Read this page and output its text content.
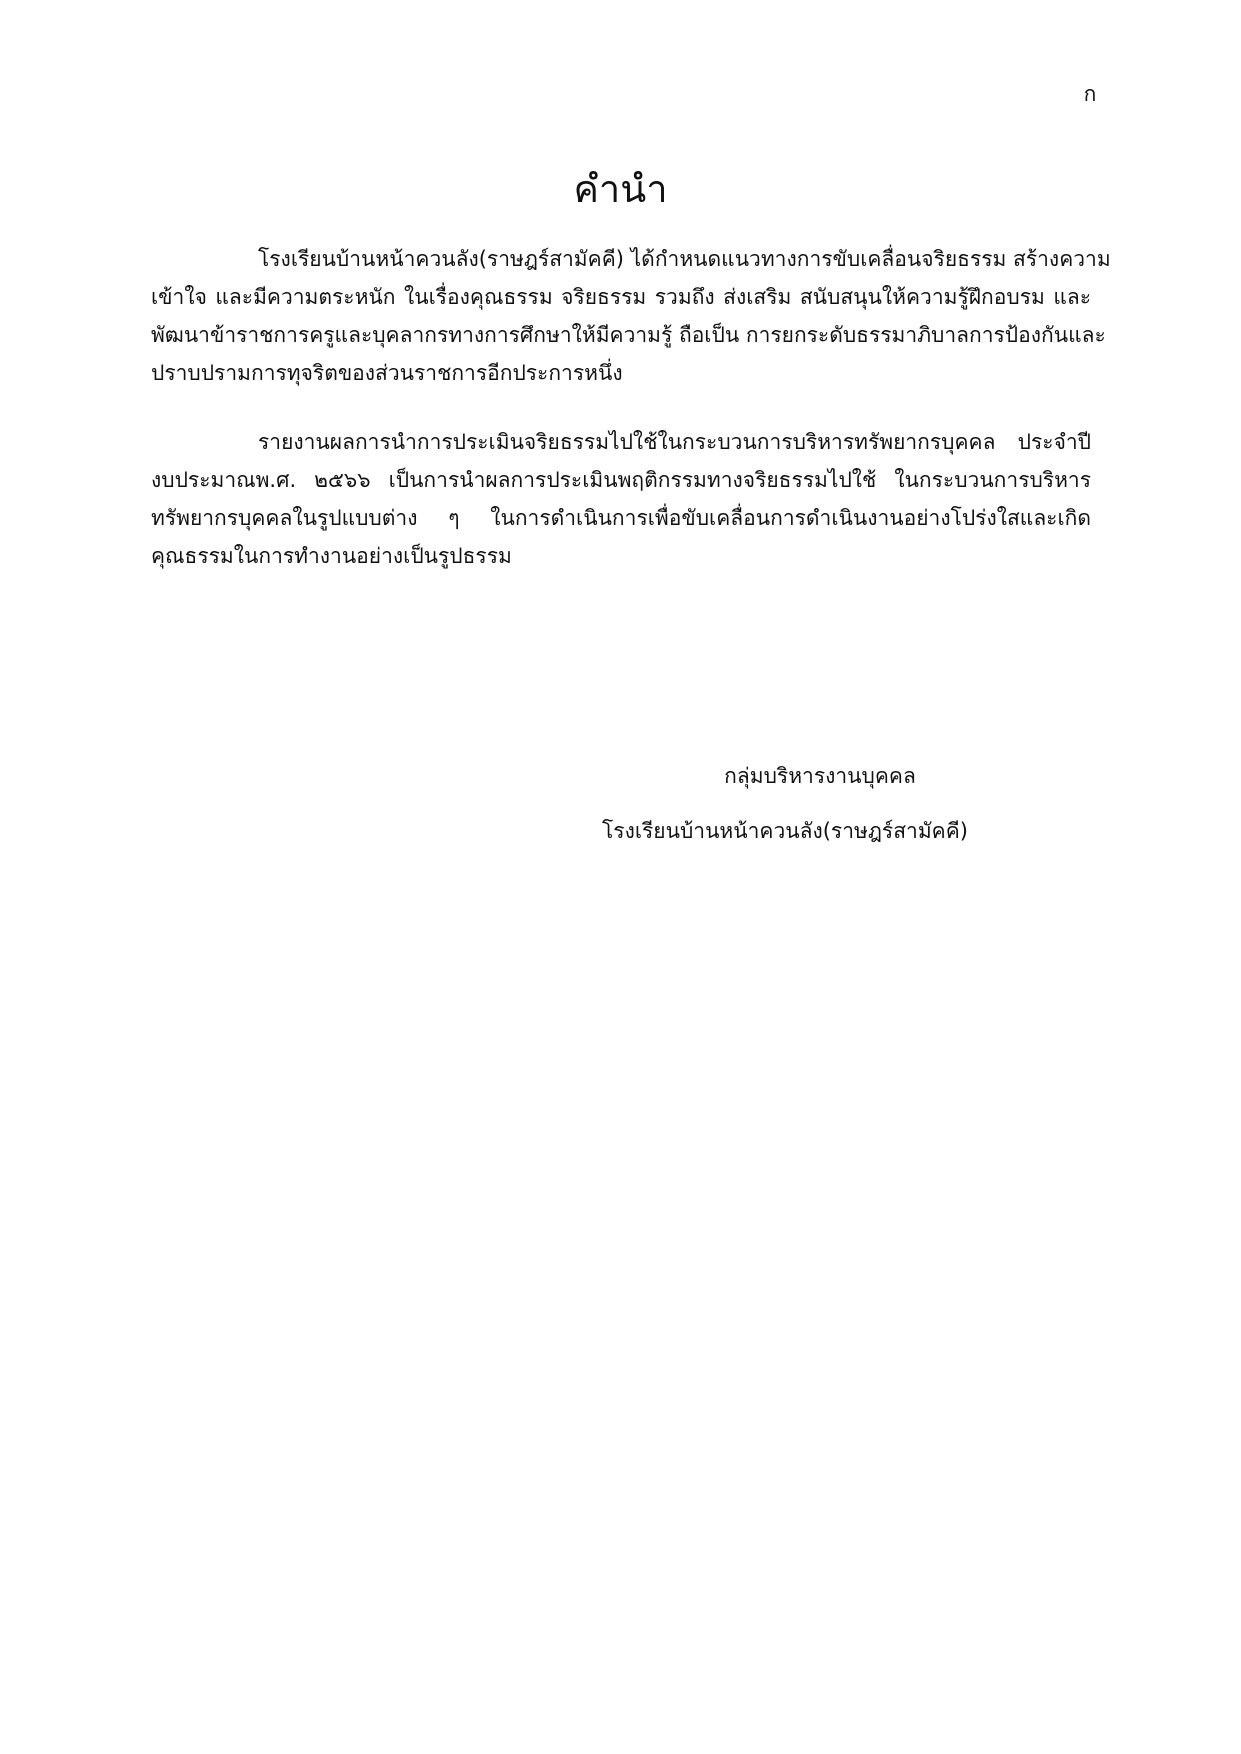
ก
คำนำ
โรงเรียนบ้านหน้าควนลัง(ราษฎร์สามัคคี) ได้กำหนดแนวทางการขับเคลื่อนจริยธรรม สร้างความ
เข้าใจ และมีความตระหนัก ในเรื่องคุณธรรม จริยธรรม รวมถึง ส่งเสริม สนับสนุนให้ความรู้ฝึกอบรม และ
พัฒนาข้าราชการครูและบุคลากรทางการศึกษาให้มีความรู้ ถือเป็น การยกระดับธรรมาภิบาลการป้องกันและ
ปราบปรามการทุจริตของส่วนราชการอีกประการหนึ่ง
รายงานผลการนำการประเมินจริยธรรมไปใช้ในกระบวนการบริหารทรัพยากรบุคคล ประจำปี
งบประมาณพ.ศ. ๒๕๖๖ เป็นการนำผลการประเมินพฤติกรรมทางจริยธรรมไปใช้ ในกระบวนการบริหาร
ทรัพยากรบุคคลในรูปแบบต่าง ๆ ในการดำเนินการเพื่อขับเคลื่อนการดำเนินงานอย่างโปร่งใสและเกิด
คุณธรรมในการทำงานอย่างเป็นรูปธรรม
กลุ่มบริหารงานบุคคล
โรงเรียนบ้านหน้าควนลัง(ราษฎร์สามัคคี)
